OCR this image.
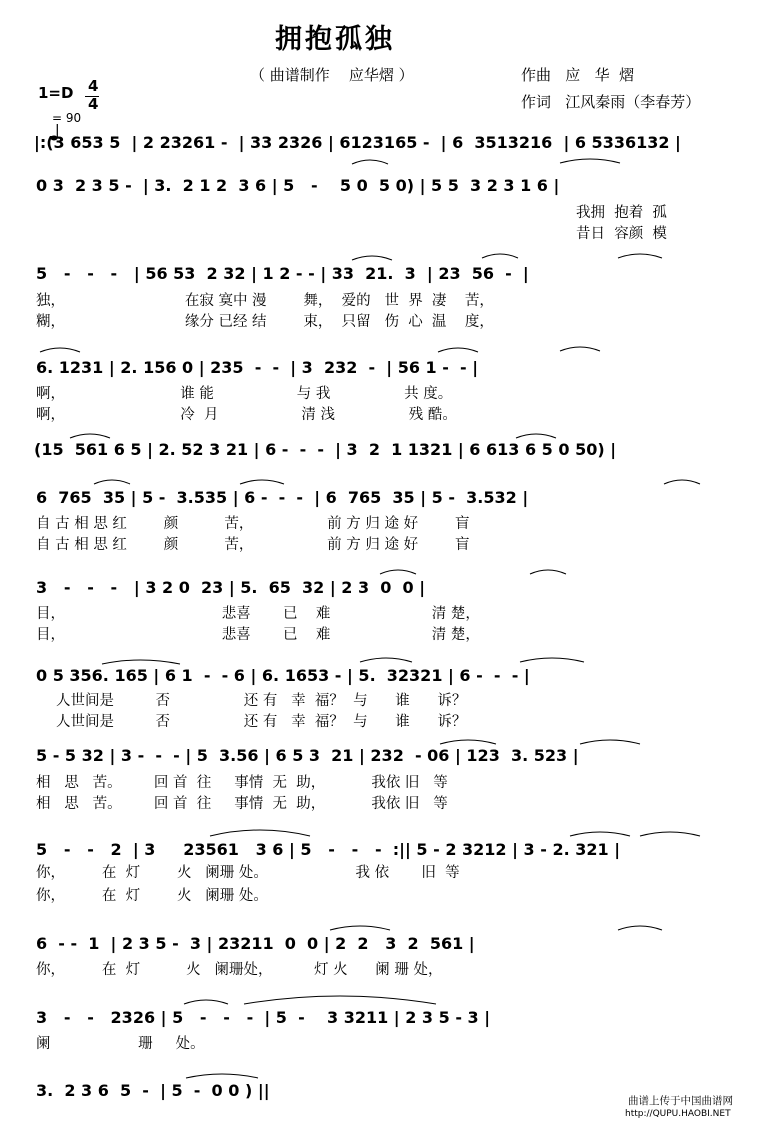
拥抱孤独
（ 曲谱制作    应华熠 ）	作曲   应   华  熠
作词   江风秦雨（李春芳）
1=D 4
4

= 90
|:(3 653 5  | 2 23261 -  | 33 2326 | 6123165 -  | 6  3513216  | 6 5336132 |
0 3  2 3 5 -  | 3.  2 1 2  3 6 | 5   -    5 0  5 0) | 5 5  3 2 3 1 6 |
我拥  抱着  孤
昔日  容颜  模
5   -   -   -   | 56 53  2 32 | 1 2 - - | 33  21.  3  | 23  56  -  |
独，                          在寂 寞中 漫        舞，  爱的   世  界  凄    苦，
糊，                          缘分 已经 结        束，  只留   伤  心  温    度，
6. 1231 | 2. 156 0 | 235  -  -  | 3  232  -  | 56 1 -  - |
啊，                         谁 能                  与 我                共 度。
啊，                         冷  月                  清 浅                残 酷。
(15  561 6 5 | 2. 52 3 21 | 6 -  -  -  | 3  2  1 1321 | 6 613 6 5 0 50) |
6  765  35 | 5 -  3.535 | 6 -  -  -  | 6  765  35 | 5 -  3.532 |
自 古 相 思 红        颜          苦，                前 方 归 途 好        盲
自 古 相 思 红        颜          苦，                前 方 归 途 好        盲
3   -   -   -   | 3 2 0  23 | 5.  65  32 | 2 3  0  0 |
目，                                  悲喜       已    难                      清 楚，
目，                                  悲喜       已    难                      清 楚，
0 5 356. 165 | 6 1  -  - 6 | 6. 1653 - | 5.  32321 | 6 -  -  - |
人世间是         否                还 有   幸  福？  与      谁      诉？
人世间是         否                还 有   幸  福？  与      谁      诉？
5 - 5 32 | 3 -  -  - | 5  3.56 | 6 5 3  21 | 232  - 06 | 123  3. 523 |
相   思   苦。       回 首  往     事情  无  助，          我依 旧   等
相   思   苦。       回 首  往     事情  无  助，          我依 旧   等
5   -   -   2  | 3     23561   3 6 | 5   -   -   -  :|| 5 - 2 3212 | 3 - 2. 321 |
你，        在  灯        火   阑珊 处。                   我 依       旧  等
你，        在  灯        火   阑珊 处。
6  - -  1  | 2 3 5 -  3 | 23211  0  0 | 2  2   3  2  561 |
你，        在  灯          火   阑珊处，         灯 火      阑 珊 处，
3   -   -   2326 | 5   -   -   -  | 5  -    3 3211 | 2 3 5 - 3 |
阑                   珊     处。
3.  2 3 6  5  -  | 5  -  0 0 ) ||
曲谱上传于中国曲谱网
http://QUPU.HAOBI.NET
